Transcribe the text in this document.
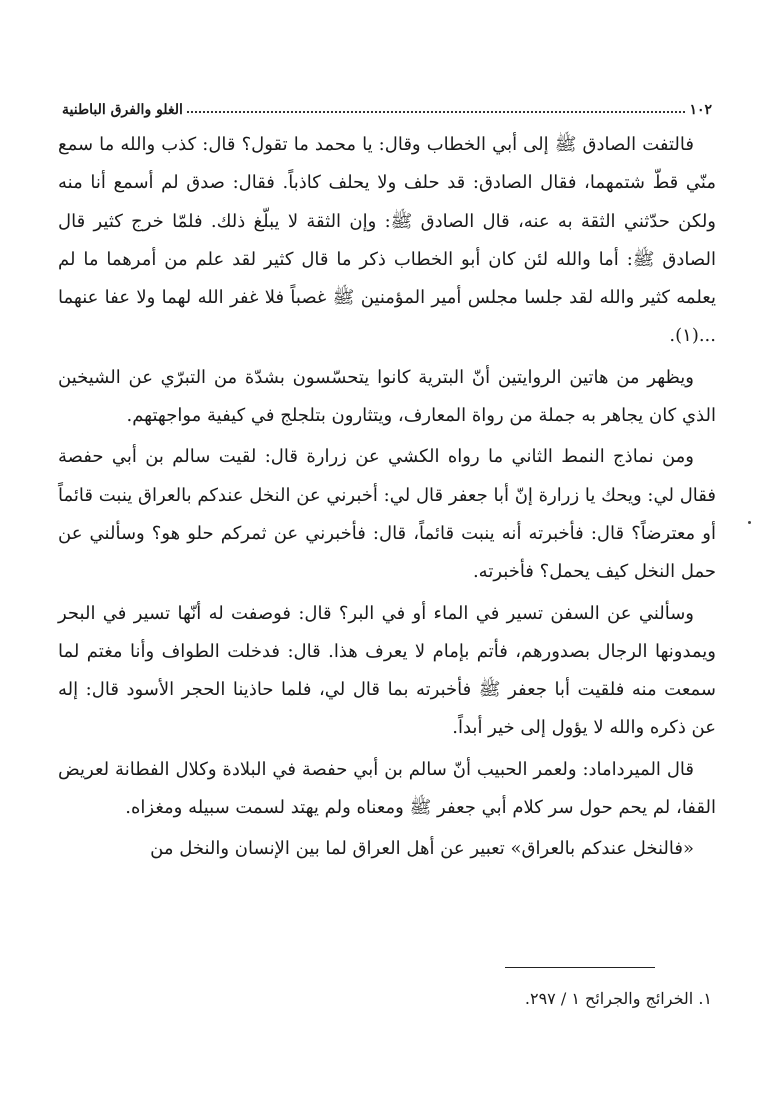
١٠٢
الغلو والفرق الباطنية

فالتفت الصادق ﷺ إلى أبي الخطاب وقال: يا محمد ما تقول؟ قال: كذب والله ما سمع منّي قطّ شتمهما، فقال الصادق: قد حلف ولا يحلف كاذباً. فقال: صدق لم أسمع أنا منه ولكن حدّثني الثقة به عنه، قال الصادق ﷺ: وإن الثقة لا يبلّغ ذلك. فلمّا خرج كثير قال الصادق ﷺ: أما والله لئن كان أبو الخطاب ذكر ما قال كثير لقد علم من أمرهما ما لم يعلمه كثير والله لقد جلسا مجلس أمير المؤمنين ﷺ غصباً فلا غفر الله لهما ولا عفا عنهما ...(١).

ويظهر من هاتين الروايتين أنّ البترية كانوا يتحسّسون بشدّة من التبرّي عن الشيخين الذي كان يجاهر به جملة من رواة المعارف، ويتثارون بتلجلج في كيفية مواجهتهم.

ومن نماذج النمط الثاني ما رواه الكشي عن زرارة قال: لقيت سالم بن أبي حفصة فقال لي: ويحك يا زرارة إنّ أبا جعفر قال لي: أخبرني عن النخل عندكم بالعراق ينبت قائماً أو معترضاً؟ قال: فأخبرته أنه ينبت قائماً، قال: فأخبرني عن ثمركم حلو هو؟ وسألني عن حمل النخل كيف يحمل؟ فأخبرته.

وسألني عن السفن تسير في الماء أو في البر؟ قال: فوصفت له أنّها تسير في البحر ويمدونها الرجال بصدورهم، فأتم بإمام لا يعرف هذا. قال: فدخلت الطواف وأنا مغتم لما سمعت منه فلقيت أبا جعفر ﷺ فأخبرته بما قال لي، فلما حاذينا الحجر الأسود قال: إله عن ذكره والله لا يؤول إلى خير أبداً.

قال الميرداماد: ولعمر الحبيب أنّ سالم بن أبي حفصة في البلادة وكلال الفطانة لعريض القفا، لم يحم حول سر كلام أبي جعفر ﷺ ومعناه ولم يهتد لسمت سبيله ومغزاه.

«فالنخل عندكم بالعراق» تعبير عن أهل العراق لما بين الإنسان والنخل من

١. الخرائج والجرائح ١ / ٢٩٧.
